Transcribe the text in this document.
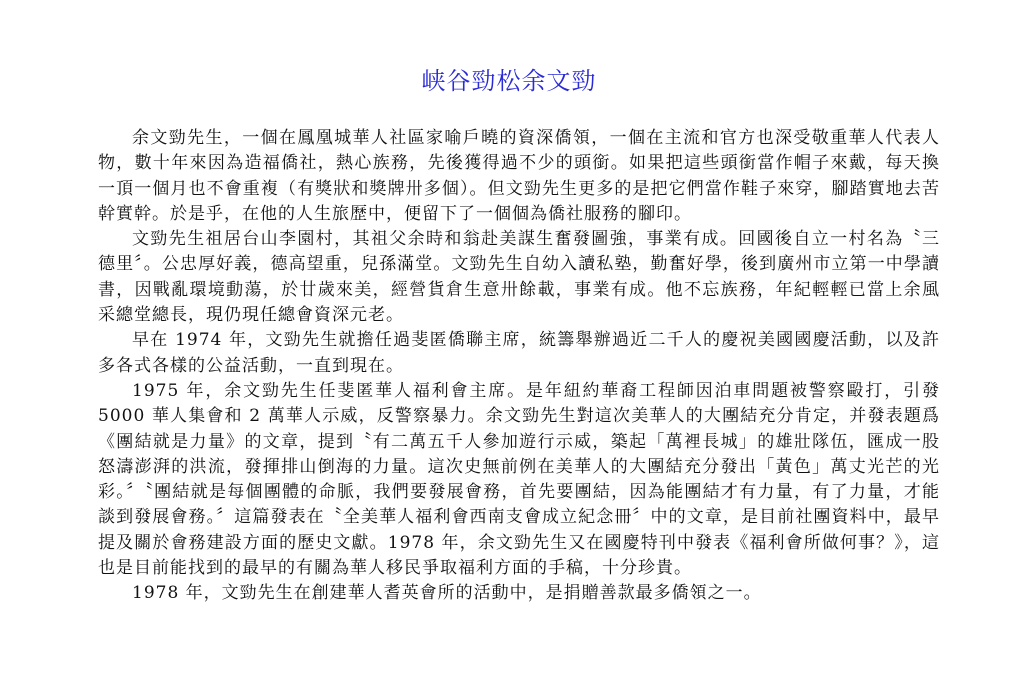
峡谷勁松余文勁

余文勁先生，一個在鳳凰城華人社區家喻戶曉的資深僑領，一個在主流和官方也深受敬重華人代表人物，數十年來因為造福僑社，熱心族務，先後獲得過不少的頭銜。如果把這些頭銜當作帽子來戴，每天換一頂一個月也不會重複（有獎狀和獎牌卅多個）。但文勁先生更多的是把它們當作鞋子來穿，腳踏實地去苦幹實幹。於是乎，在他的人生旅歷中，便留下了一個個為僑社服務的腳印。

文勁先生祖居台山李園村，其祖父余時和翁赴美謀生奮發圖強，事業有成。回國後自立一村名為〝三德里〞。公忠厚好義，德高望重，兒孫滿堂。文勁先生自幼入讀私塾，勤奮好學，後到廣州市立第一中學讀書，因戰亂環境動蕩，於廿歲來美，經營貨倉生意卅餘載，事業有成。他不忘族務，年紀輕輕已當上余風采總堂總長，現仍現任總會資深元老。

早在 1974 年，文勁先生就擔任過斐匿僑聯主席，統籌舉辦過近二千人的慶祝美國國慶活動，以及許多各式各樣的公益活動，一直到現在。

1975 年，余文勁先生任斐匿華人福利會主席。是年紐約華裔工程師因泊車問題被警察毆打，引發 5000 華人集會和 2 萬華人示威，反警察暴力。余文勁先生對這次美華人的大團結充分肯定，并發表題爲《團結就是力量》的文章，提到〝有二萬五千人參加遊行示威，築起「萬裡長城」的雄壯隊伍，匯成一股怒濤澎湃的洪流，發揮排山倒海的力量。這次史無前例在美華人的大團結充分發出「黃色」萬丈光芒的光彩。〞〝團結就是每個團體的命脈，我們要發展會務，首先要團結，因為能團結才有力量，有了力量，才能談到發展會務。〞這篇發表在〝全美華人福利會西南支會成立紀念冊〞中的文章，是目前社團資料中，最早提及關於會務建設方面的歷史文獻。1978 年，余文勁先生又在國慶特刊中發表《福利會所做何事？》，這也是目前能找到的最早的有關為華人移民爭取福利方面的手稿，十分珍貴。

1978 年，文勁先生在創建華人耆英會所的活動中，是捐贈善款最多僑領之一。
